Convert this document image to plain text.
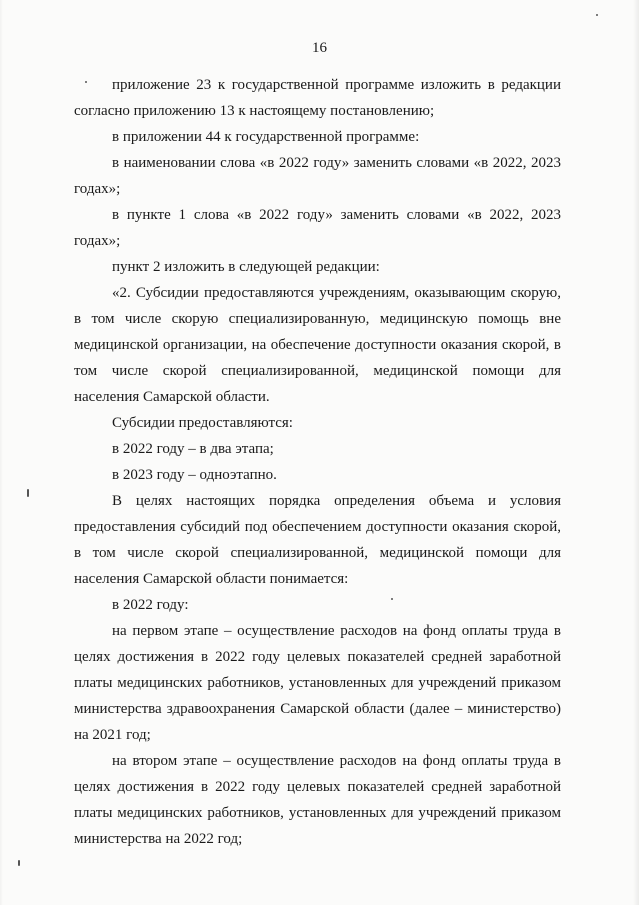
16

приложение 23 к государственной программе изложить в редакции согласно приложению 13 к настоящему постановлению;

в приложении 44 к государственной программе:

в наименовании слова «в 2022 году» заменить словами «в 2022, 2023 годах»;

в пункте 1 слова «в 2022 году» заменить словами «в 2022, 2023 годах»;

пункт 2 изложить в следующей редакции:

«2. Субсидии предоставляются учреждениям, оказывающим скорую, в том числе скорую специализированную, медицинскую помощь вне медицинской организации, на обеспечение доступности оказания скорой, в том числе скорой специализированной, медицинской помощи для населения Самарской области.

Субсидии предоставляются:

в 2022 году – в два этапа;

в 2023 году – одноэтапно.

В целях настоящих порядка определения объема и условия предоставления субсидий под обеспечением доступности оказания скорой, в том числе скорой специализированной, медицинской помощи для населения Самарской области понимается:

в 2022 году:

на первом этапе – осуществление расходов на фонд оплаты труда в целях достижения в 2022 году целевых показателей средней заработной платы медицинских работников, установленных для учреждений приказом министерства здравоохранения Самарской области (далее – министерство) на 2021 год;

на втором этапе – осуществление расходов на фонд оплаты труда в целях достижения в 2022 году целевых показателей средней заработной платы медицинских работников, установленных для учреждений приказом министерства на 2022 год;
